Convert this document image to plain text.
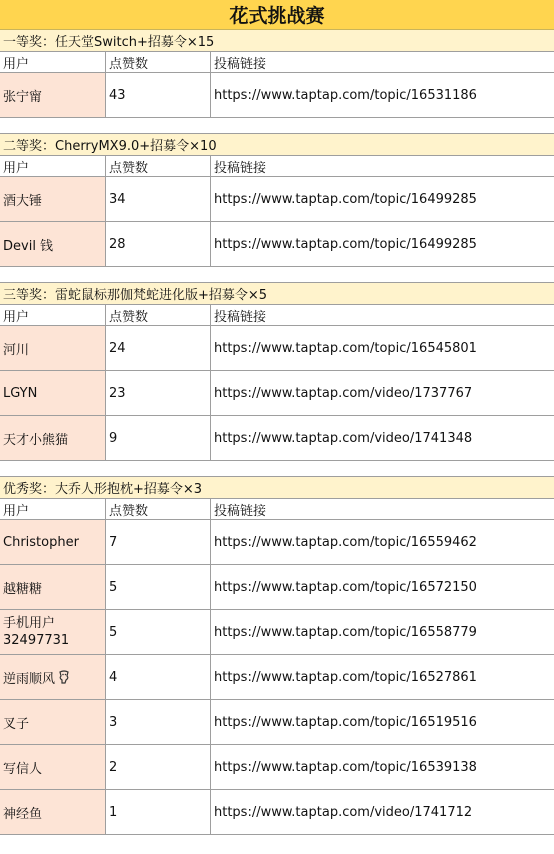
花式挑战赛
一等奖：任天堂Switch+招募令×15
用户	点赞数	投稿链接
张宁甯	43	https://www.taptap.com/topic/16531186
二等奖：CherryMX9.0+招募令×10
用户	点赞数	投稿链接
酒大锤	34	https://www.taptap.com/topic/16499285
Devil 钱	28	https://www.taptap.com/topic/16499285
三等奖：雷蛇鼠标那伽梵蛇进化版+招募令×5
用户	点赞数	投稿链接
河川	24	https://www.taptap.com/topic/16545801
LGYN	23	https://www.taptap.com/video/1737767
天才小熊猫	9	https://www.taptap.com/video/1741348
优秀奖：大乔人形抱枕+招募令×3
用户	点赞数	投稿链接
Christopher 7	https://www.taptap.com/topic/16559462
越糖糖	5	https://www.taptap.com/topic/16572150
手机用户
32497731
5	https://www.taptap.com/topic/16558779
逆雨顺风	4	https://www.taptap.com/topic/16527861
叉子	3	https://www.taptap.com/topic/16519516
写信人	2	https://www.taptap.com/topic/16539138
神经鱼	1	https://www.taptap.com/video/1741712
